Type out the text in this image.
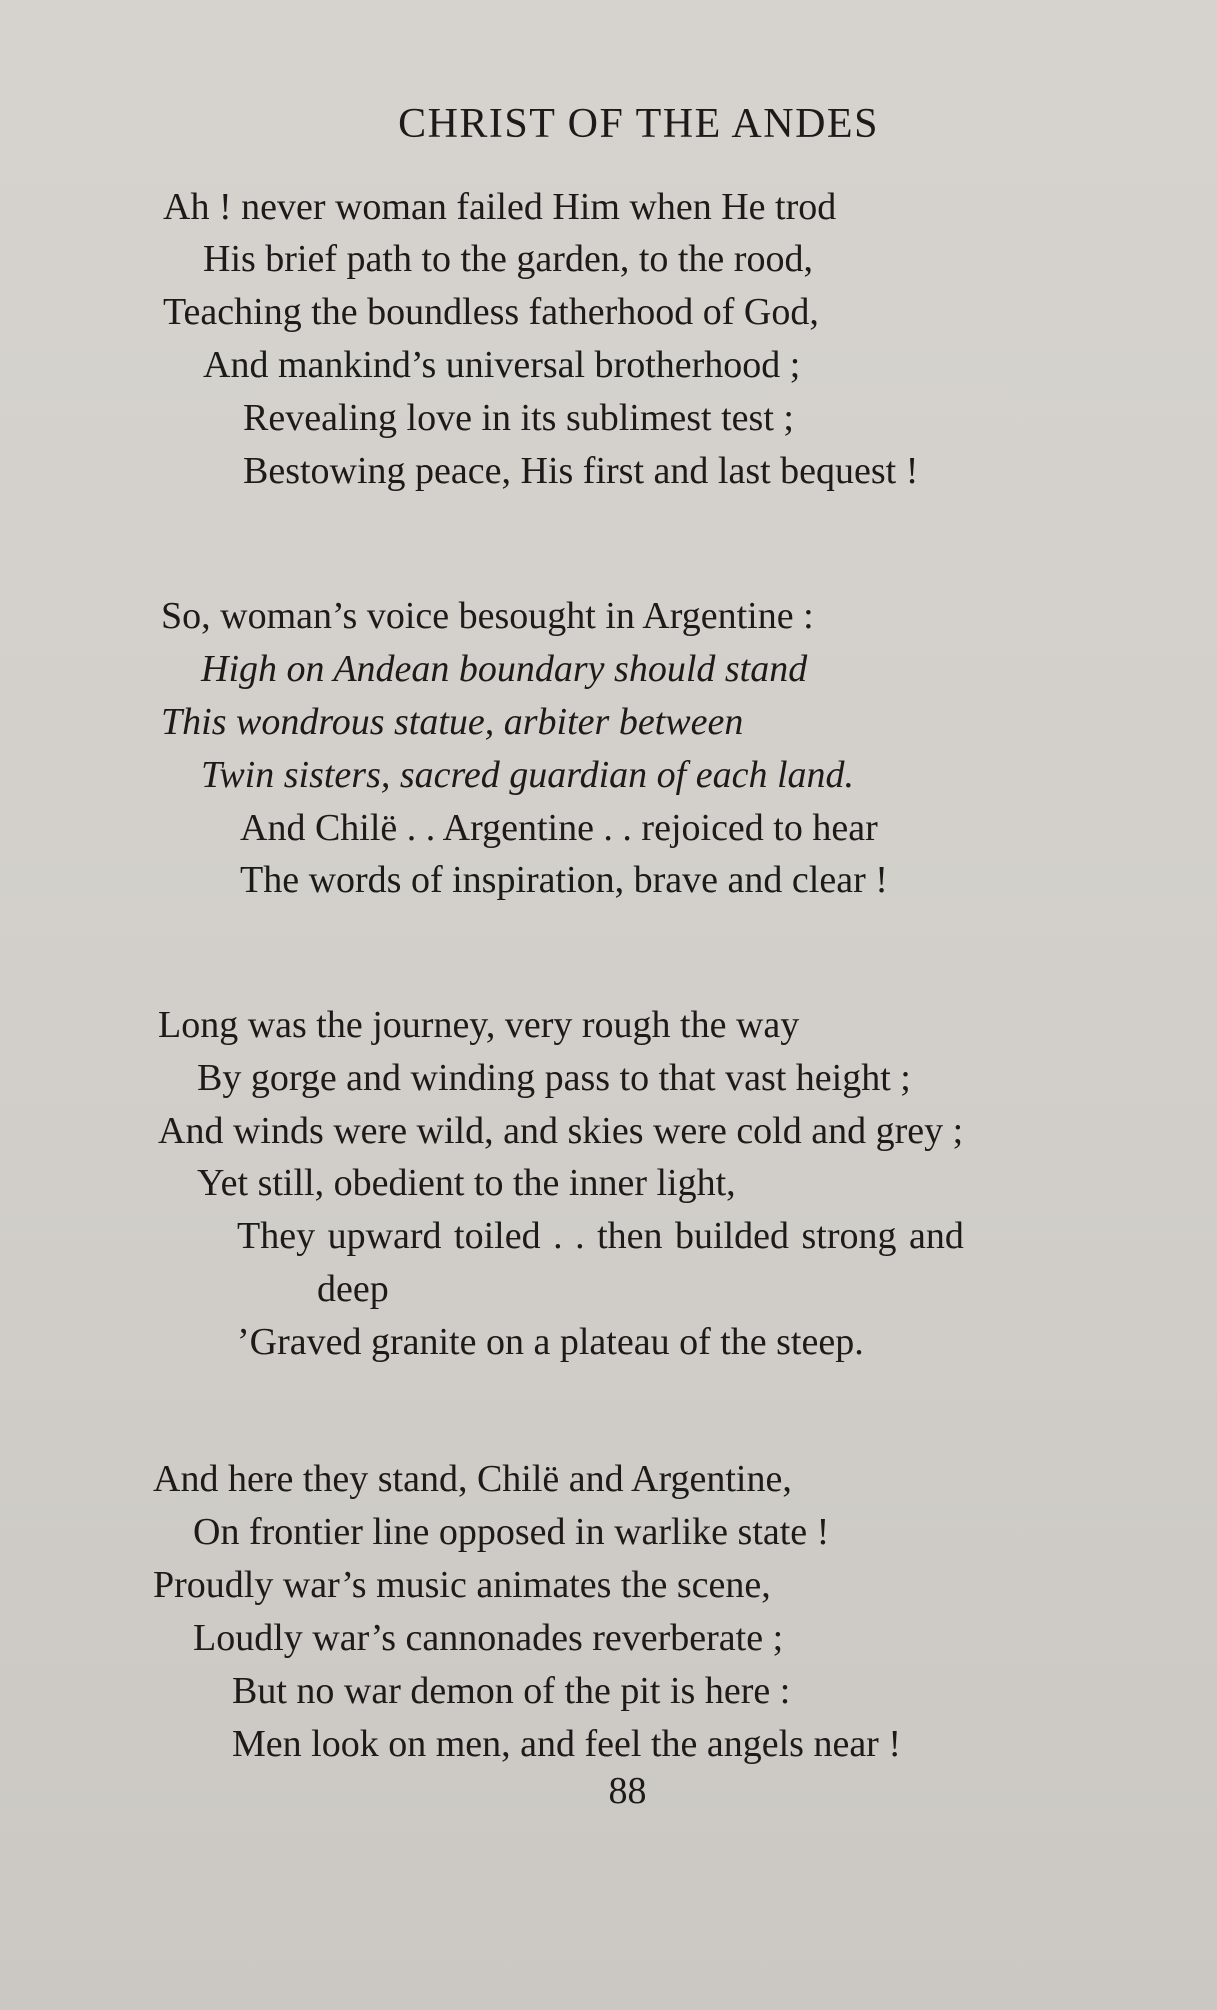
CHRIST OF THE ANDES
Ah ! never woman failed Him when He trod
His brief path to the garden, to the rood,
Teaching the boundless fatherhood of God,
And mankind’s universal brotherhood ;
Revealing love in its sublimest test ;
Bestowing peace, His first and last bequest !
So, woman’s voice besought in Argentine :
High on Andean boundary should stand
This wondrous statue, arbiter between
Twin sisters, sacred guardian of each land.
And Chilë . . Argentine . . rejoiced to hear
The words of inspiration, brave and clear !
Long was the journey, very rough the way
By gorge and winding pass to that vast height ;
And winds were wild, and skies were cold and grey ;
Yet still, obedient to the inner light,
They upward toiled . . then builded strong and
deep
’Graved granite on a plateau of the steep.
And here they stand, Chilë and Argentine,
On frontier line opposed in warlike state !
Proudly war’s music animates the scene,
Loudly war’s cannonades reverberate ;
But no war demon of the pit is here :
Men look on men, and feel the angels near !
88
